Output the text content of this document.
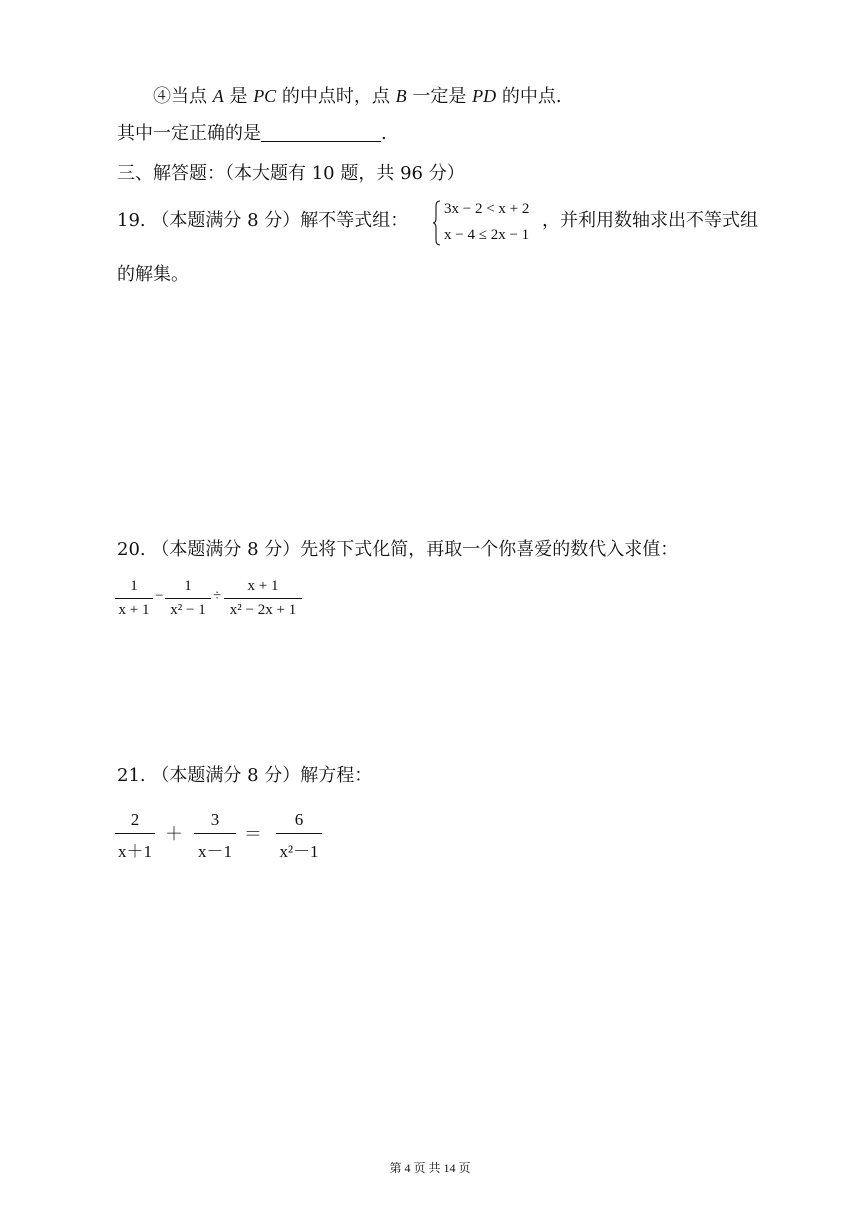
④当点 A 是 PC 的中点时，点 B 一定是 PD 的中点.
其中一定正确的是	.
三、解答题：（本大题有 10 题，共 96 分）
19. （本题满分 8 分）解不等式组：
3x − 2 < x + 2
x − 4 ≤ 2x − 1
，并利用数轴求出不等式组
的解集。
20. （本题满分 8 分）先将下式化简，再取一个你喜爱的数代入求值：
1
x + 1
−
1
x² − 1
÷
x + 1
x² − 2x + 1
21. （本题满分 8 分）解方程：
2
x＋1
＋
3
x－1
＝
6
x²－1
第 4 页 共 14 页
